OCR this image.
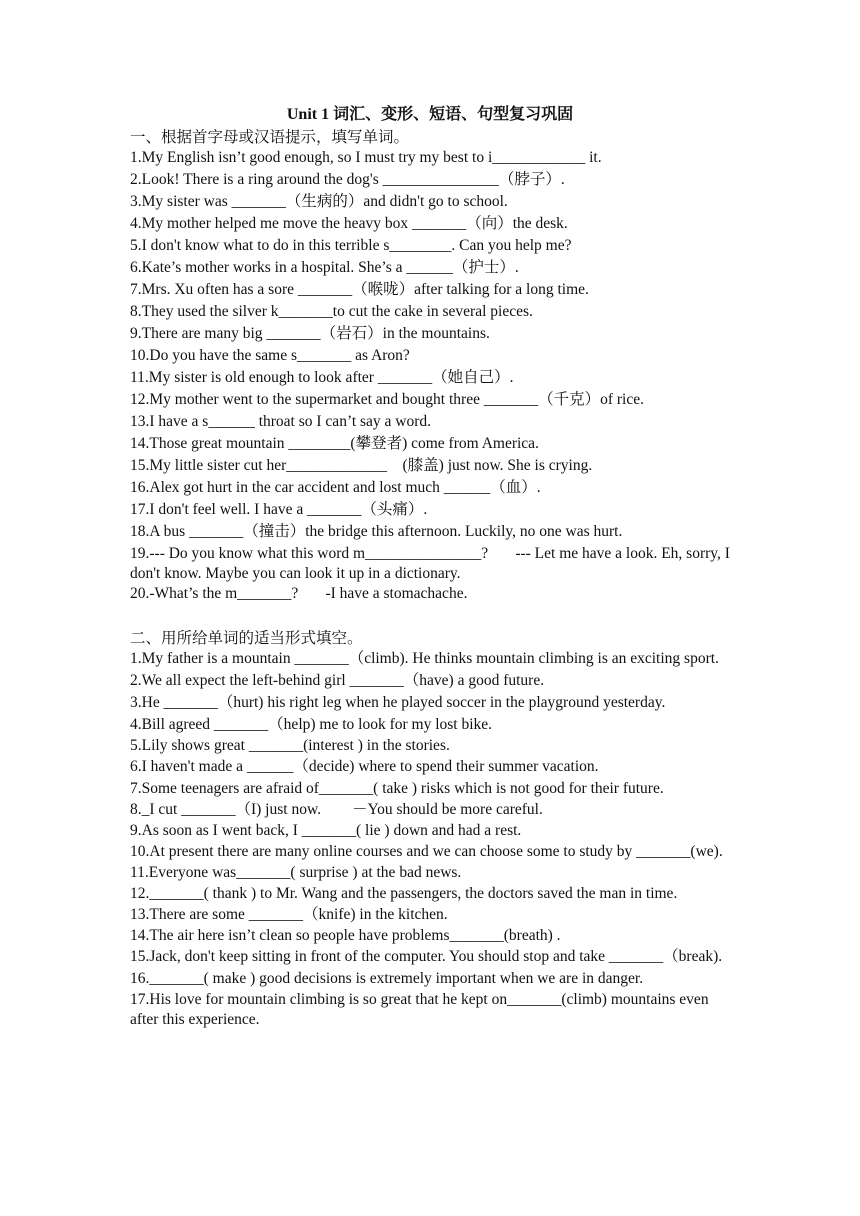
Unit 1 词汇、变形、短语、句型复习巩固
一、根据首字母或汉语提示，填写单词。
1.My English isn’t good enough, so I must try my best to i____________ it.
2.Look! There is a ring around the dog's _______________（脖子）.
3.My sister was _______（生病的）and didn't go to school.
4.My mother helped me move the heavy box _______（向）the desk.
5.I don't know what to do in this terrible s________. Can you help me?
6.Kate’s mother works in a hospital. She’s a ______（护士）.
7.Mrs. Xu often has a sore _______（喉咙）after talking for a long time.
8.They used the silver k_______to cut the cake in several pieces.
9.There are many big _______（岩石）in the mountains.
10.Do you have the same s_______ as Aron?
11.My sister is old enough to look after _______（她自己）.
12.My mother went to the supermarket and bought three _______（千克）of rice.
13.I have a s______ throat so I can’t say a word.
14.Those great mountain ________(攀登者) come from America.
15.My little sister cut her_____________    (膝盖) just now. She is crying.
16.Alex got hurt in the car accident and lost much ______（血）.
17.I don't feel well. I have a _______（头痛）.
18.A bus _______（撞击）the bridge this afternoon. Luckily, no one was hurt.
19.--- Do you know what this word m_______________?       --- Let me have a look. Eh, sorry, I don't know. Maybe you can look it up in a dictionary.
20.-What’s the m_______?       -I have a stomachache.
二、用所给单词的适当形式填空。
1.My father is a mountain _______（climb). He thinks mountain climbing is an exciting sport.
2.We all expect the left-behind girl _______（have) a good future.
3.He _______（hurt) his right leg when he played soccer in the playground yesterday.
4.Bill agreed _______（help) me to look for my lost bike.
5.Lily shows great _______(interest ) in the stories.
6.I haven't made a ______（decide) where to spend their summer vacation.
7.Some teenagers are afraid of_______( take ) risks which is not good for their future.
8._I cut _______（I) just now.        －You should be more careful.
9.As soon as I went back, I _______( lie ) down and had a rest.
10.At present there are many online courses and we can choose some to study by _______(we).
11.Everyone was_______( surprise ) at the bad news.
12._______( thank ) to Mr. Wang and the passengers, the doctors saved the man in time.
13.There are some _______（knife) in the kitchen.
14.The air here isn’t clean so people have problems_______(breath) .
15.Jack, don't keep sitting in front of the computer. You should stop and take _______（break).
16._______( make ) good decisions is extremely important when we are in danger.
17.His love for mountain climbing is so great that he kept on_______(climb) mountains even after this experience.
